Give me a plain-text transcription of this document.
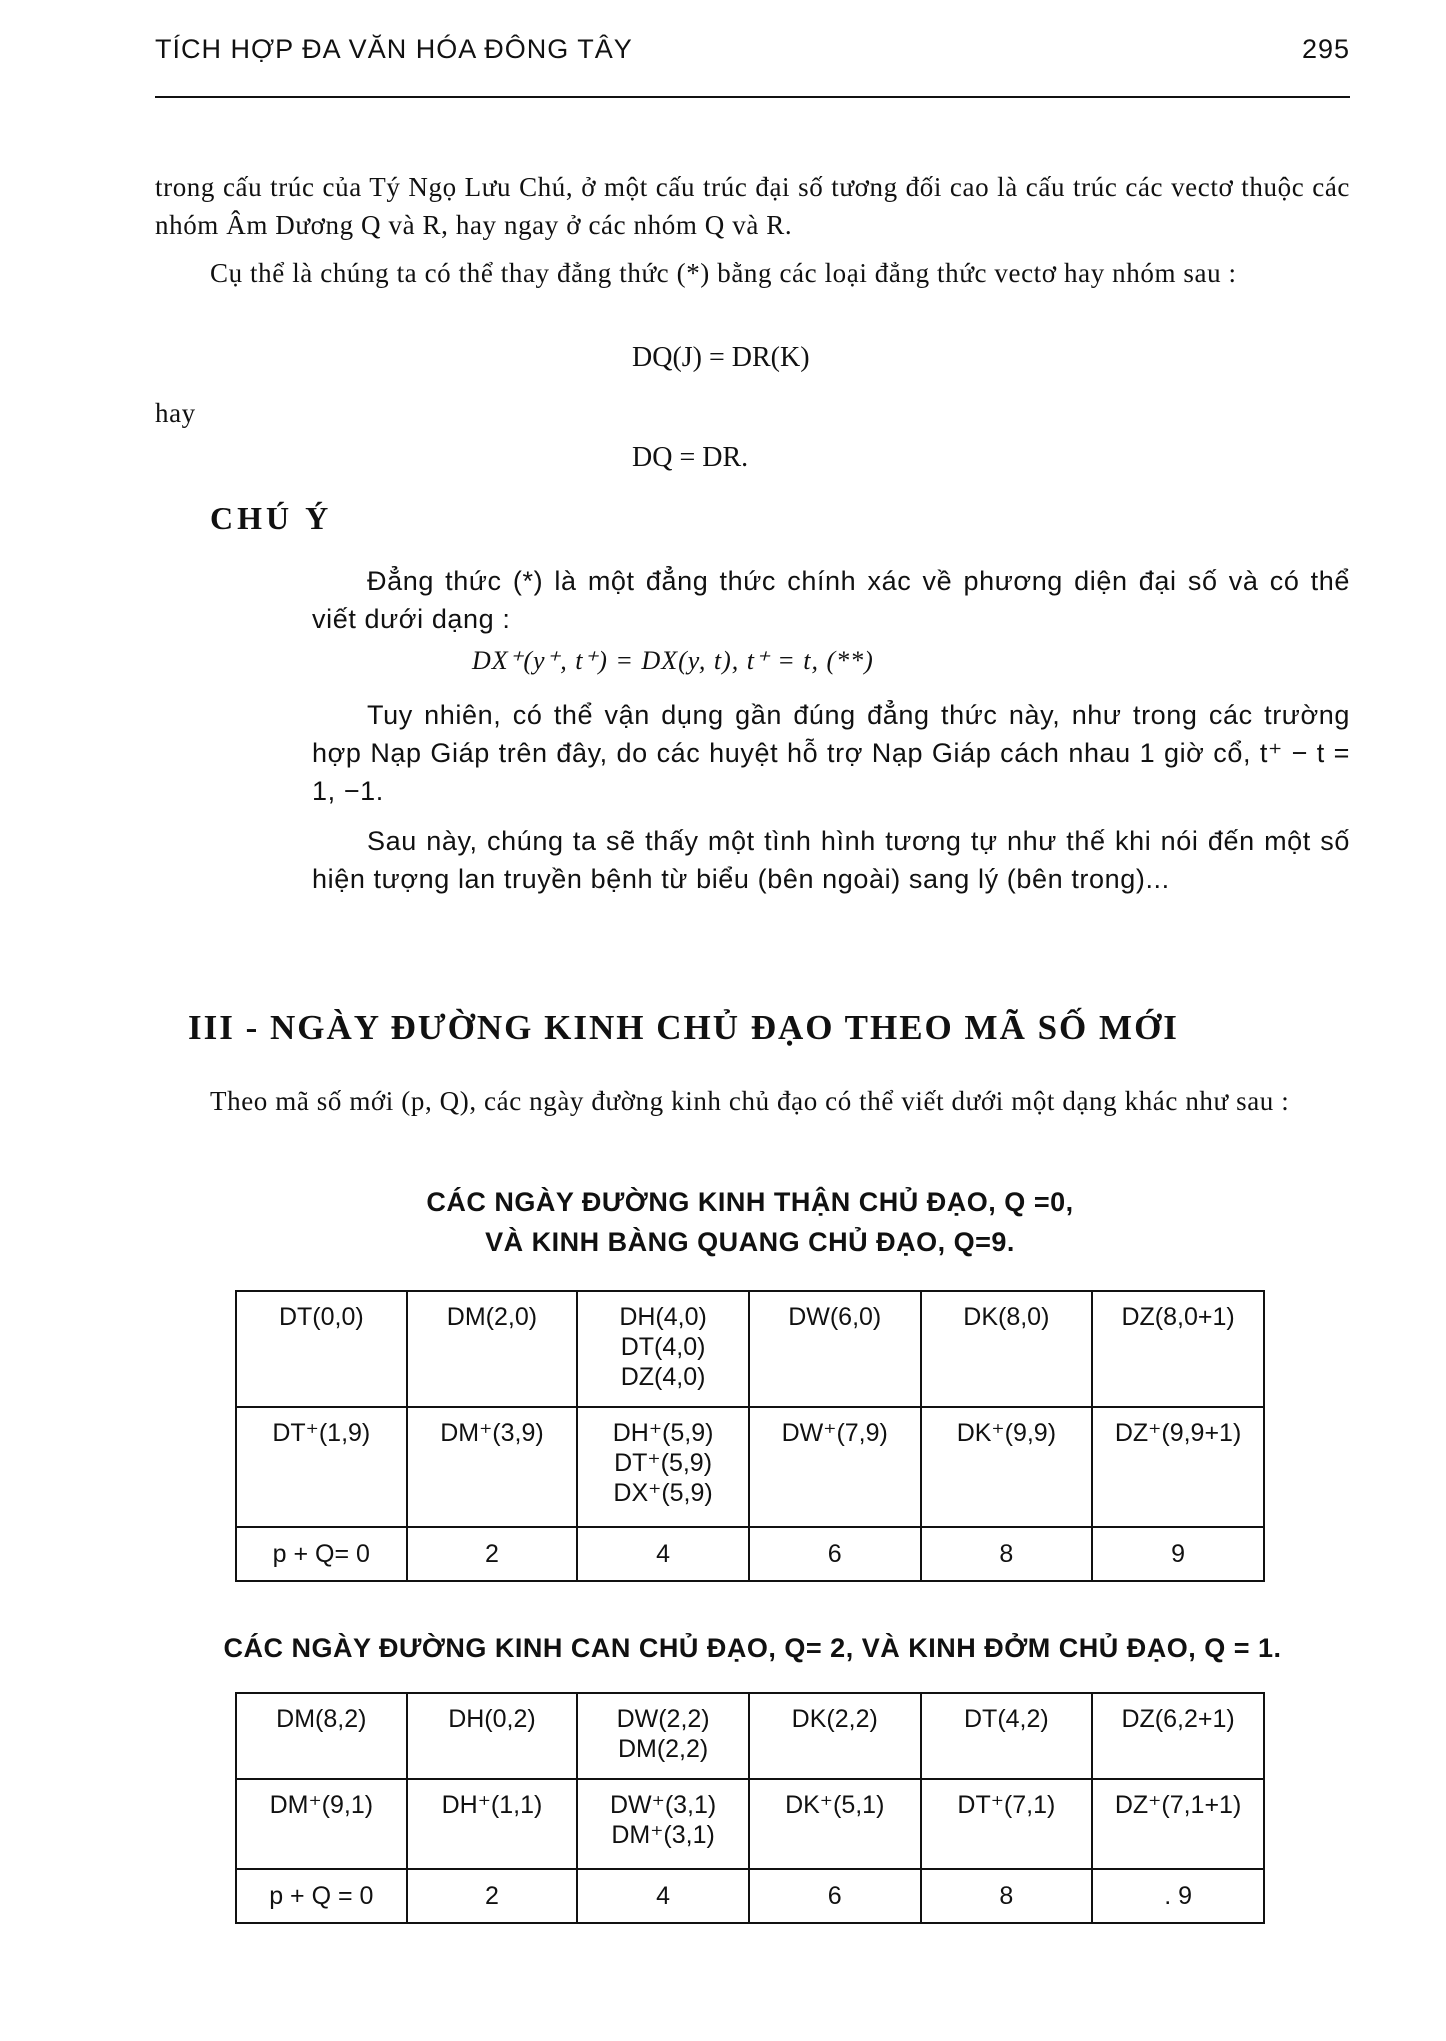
TÍCH HỢP ĐA VĂN HÓA ĐÔNG TÂY	295

trong cấu trúc của Tý Ngọ Lưu Chú, ở một cấu trúc đại số tương đối cao là cấu trúc các vectơ thuộc các nhóm Âm Dương Q và R, hay ngay ở các nhóm Q và R.

Cụ thể là chúng ta có thể thay đẳng thức (*) bằng các loại đẳng thức vectơ hay nhóm sau :

DQ(J) = DR(K)
hay
DQ = DR.
CHÚ Ý

Đẳng thức (*) là một đẳng thức chính xác về phương diện đại số và có thể viết dưới dạng :

DX⁺(y⁺, t⁺) = DX(y, t), t⁺ = t, (**)

Tuy nhiên, có thể vận dụng gần đúng đẳng thức này, như trong các trường hợp Nạp Giáp trên đây, do các huyệt hỗ trợ Nạp Giáp cách nhau 1 giờ cổ, t⁺ − t = 1, −1.

Sau này, chúng ta sẽ thấy một tình hình tương tự như thế khi nói đến một số hiện tượng lan truyền bệnh từ biểu (bên ngoài) sang lý (bên trong)...

III - NGÀY ĐƯỜNG KINH CHỦ ĐẠO THEO MÃ SỐ MỚI

Theo mã số mới (p, Q), các ngày đường kinh chủ đạo có thể viết dưới một dạng khác như sau :

CÁC NGÀY ĐƯỜNG KINH THẬN CHỦ ĐẠO, Q =0,
VÀ KINH BÀNG QUANG CHỦ ĐẠO, Q=9.
DT(0,0)	DM(2,0)	DH(4,0)
DT(4,0)
DZ(4,0)	DW(6,0)	DK(8,0)	DZ(8,0+1)

DT⁺(1,9)	DM⁺(3,9)	DH⁺(5,9)
DT⁺(5,9)
DX⁺(5,9)	DW⁺(7,9)	DK⁺(9,9)	DZ⁺(9,9+1)

p + Q= 0	2	4	6	8	9
CÁC NGÀY ĐƯỜNG KINH CAN CHỦ ĐẠO, Q= 2, VÀ KINH ĐỞM CHỦ ĐẠO, Q = 1.
DM(8,2)	DH(0,2)	DW(2,2)
DM(2,2)	DK(2,2)	DT(4,2)	DZ(6,2+1)

DM⁺(9,1)	DH⁺(1,1)	DW⁺(3,1)
DM⁺(3,1)	DK⁺(5,1)	DT⁺(7,1)	DZ⁺(7,1+1)

p + Q = 0	2	4	6	8	. 9
